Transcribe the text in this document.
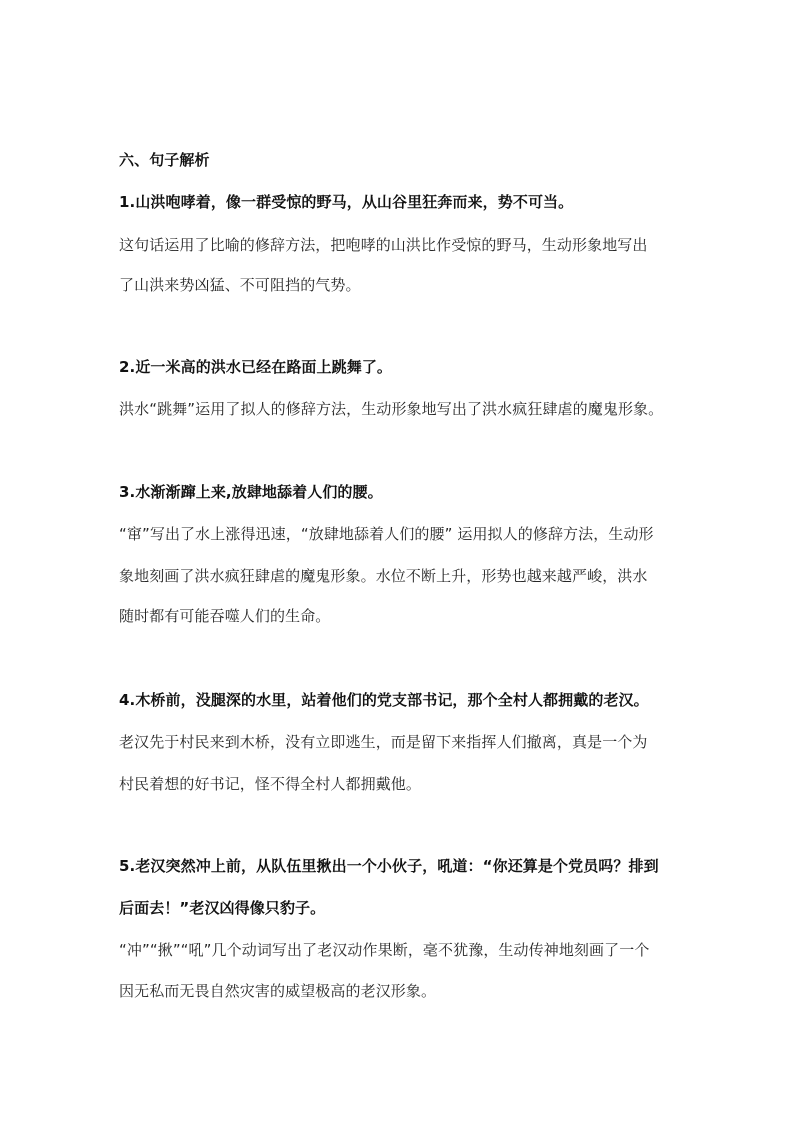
六、句子解析
1.山洪咆哮着，像一群受惊的野马，从山谷里狂奔而来，势不可当。
这句话运用了比喻的修辞方法，把咆哮的山洪比作受惊的野马，生动形象地写出
了山洪来势凶猛、不可阻挡的气势。
2.近一米高的洪水已经在路面上跳舞了。
洪水“跳舞”运用了拟人的修辞方法，生动形象地写出了洪水疯狂肆虐的魔鬼形象。
3.水渐渐蹿上来,放肆地舔着人们的腰。
“窜”写出了水上涨得迅速，“放肆地舔着人们的腰” 运用拟人的修辞方法，生动形
象地刻画了洪水疯狂肆虐的魔鬼形象。水位不断上升，形势也越来越严峻，洪水
随时都有可能吞噬人们的生命。
4.木桥前，没腿深的水里，站着他们的党支部书记，那个全村人都拥戴的老汉。
老汉先于村民来到木桥，没有立即逃生，而是留下来指挥人们撤离，真是一个为
村民着想的好书记，怪不得全村人都拥戴他。
5.老汉突然冲上前，从队伍里揪出一个小伙子，吼道：“你还算是个党员吗？排到
后面去！”老汉凶得像只豹子。
“冲”“揪”“吼”几个动词写出了老汉动作果断，毫不犹豫，生动传神地刻画了一个
因无私而无畏自然灾害的威望极高的老汉形象。
